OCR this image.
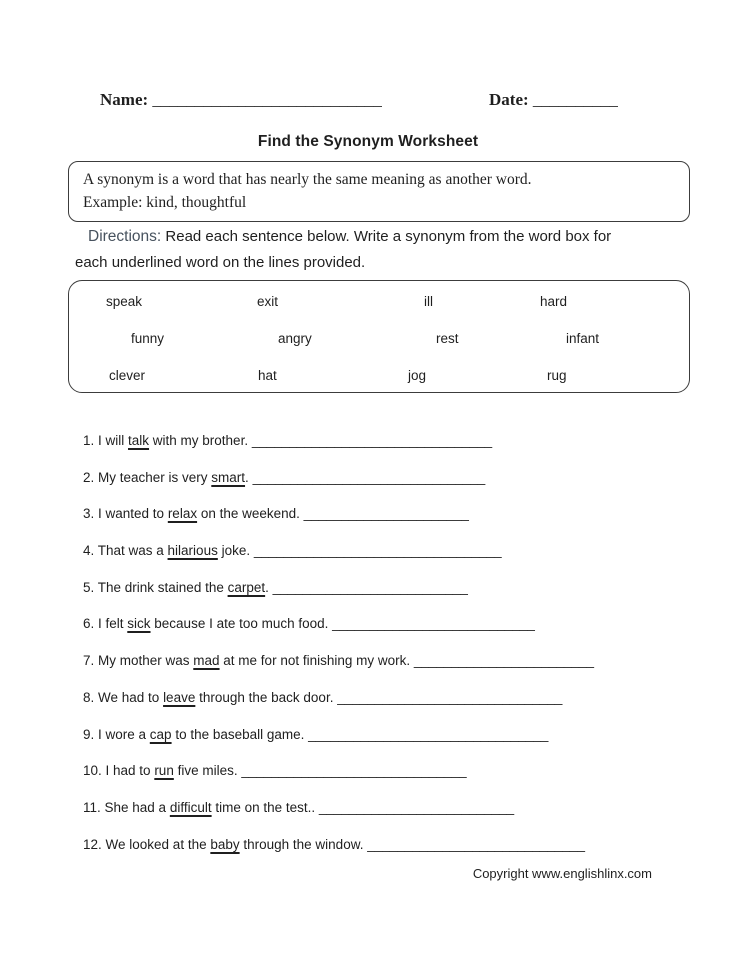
Name: ___________________________	Date: __________
Find the Synonym Worksheet
A synonym is a word that has nearly the same meaning as another word.
Example: kind, thoughtful
Directions: Read each sentence below. Write a synonym from the word box for
each underlined word on the lines provided.
speak	exit	ill	hard
funny	angry	rest	infant
clever	hat	jog	rug
1. I will talk with my brother. ________________________________
2. My teacher is very smart. _______________________________
3. I wanted to relax on the weekend. ______________________
4. That was a hilarious joke. _________________________________
5. The drink stained the carpet. __________________________
6. I felt sick because I ate too much food. ___________________________
7. My mother was mad at me for not finishing my work. ________________________
8. We had to leave through the back door. ______________________________
9. I wore a cap to the baseball game. ________________________________
10. I had to run five miles. ______________________________
11. She had a difficult time on the test.. __________________________
12. We looked at the baby through the window. _____________________________
Copyright www.englishlinx.com
